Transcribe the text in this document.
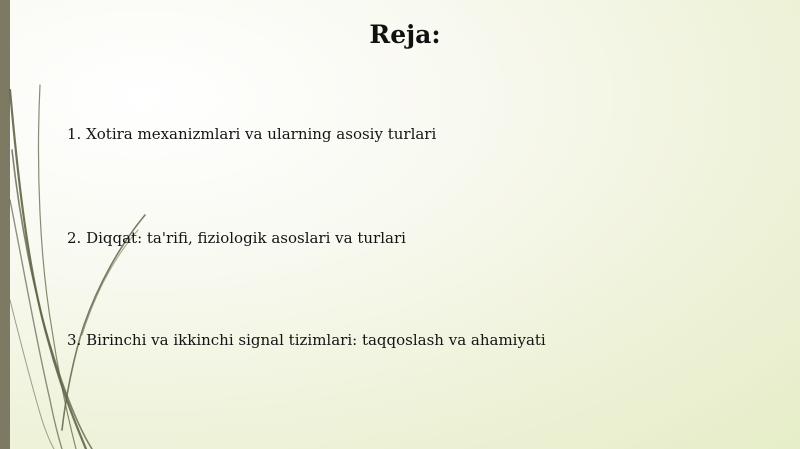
Reja:
1. Xotira mexanizmlari va ularning asosiy turlari
2. Diqqat: ta'rifi, fiziologik asoslari va turlari
3. Birinchi va ikkinchi signal tizimlari: taqqoslash va ahamiyati
